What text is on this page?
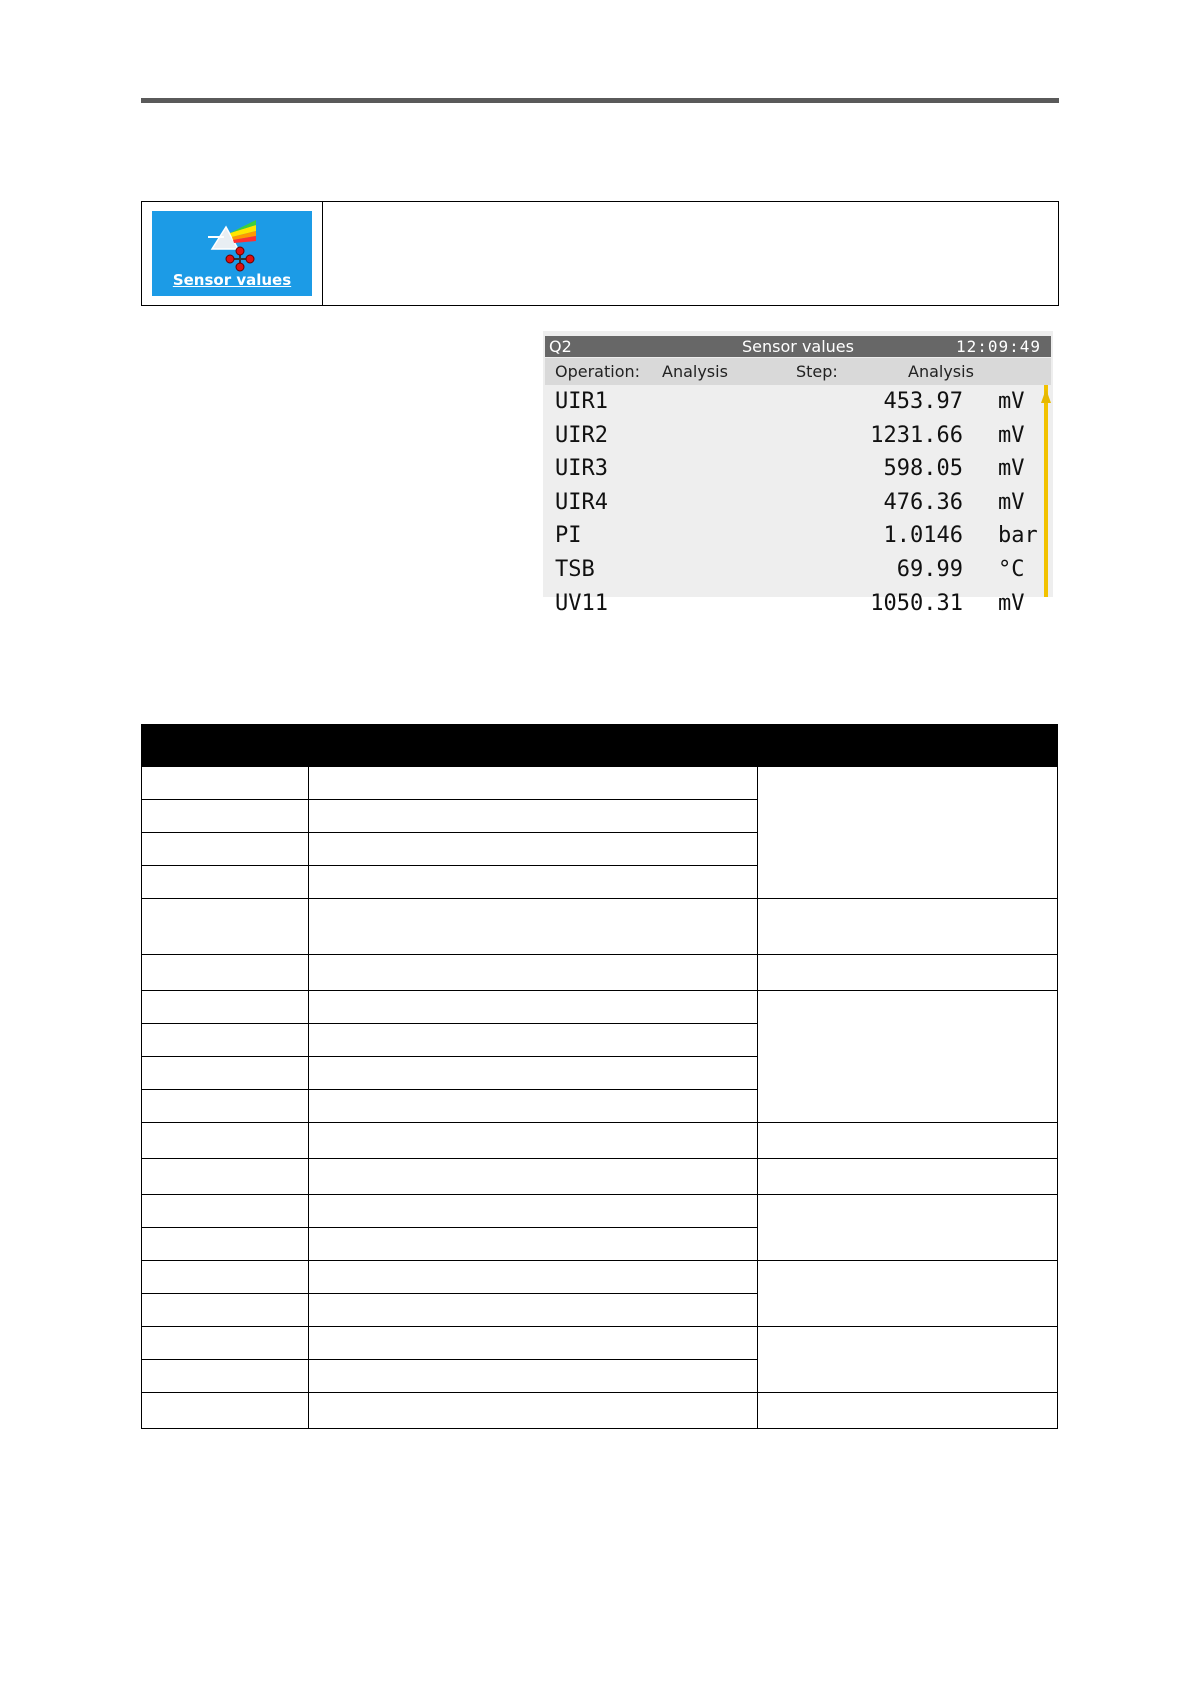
Sensor values
Q2	Sensor values	12:09:49
Operation: Analysis	Step:	Analysis
UIR1	453.97 mV
UIR2	1231.66 mV
UIR3	598.05 mV
UIR4	476.36 mV
PI	1.0146 bar
TSB	69.99 °C
UV11	1050.31 mV
